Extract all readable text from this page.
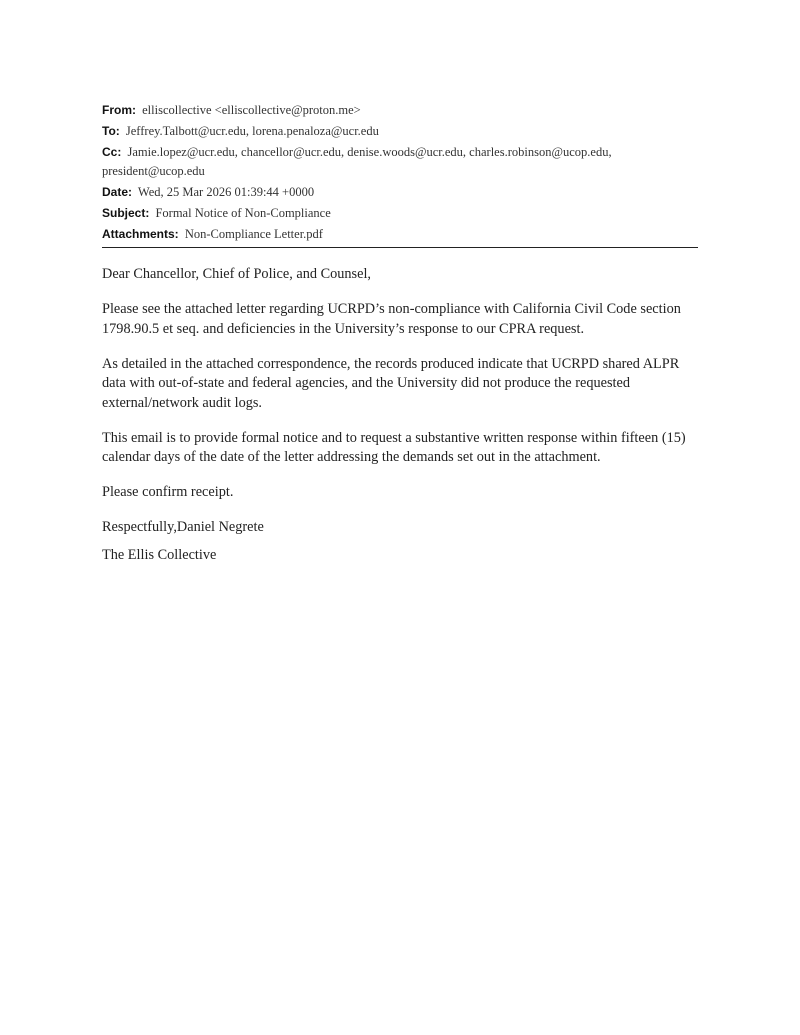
From: elliscollective <elliscollective@proton.me>
To: Jeffrey.Talbott@ucr.edu, lorena.penaloza@ucr.edu
Cc: Jamie.lopez@ucr.edu, chancellor@ucr.edu, denise.woods@ucr.edu, charles.robinson@ucop.edu, president@ucop.edu
Date: Wed, 25 Mar 2026 01:39:44 +0000
Subject: Formal Notice of Non-Compliance
Attachments: Non-Compliance Letter.pdf

Dear Chancellor, Chief of Police, and Counsel,

Please see the attached letter regarding UCRPD’s non-compliance with California Civil Code section 1798.90.5 et seq. and deficiencies in the University’s response to our CPRA request.

As detailed in the attached correspondence, the records produced indicate that UCRPD shared ALPR data with out-of-state and federal agencies, and the University did not produce the requested external/network audit logs.

This email is to provide formal notice and to request a substantive written response within fifteen (15) calendar days of the date of the letter addressing the demands set out in the attachment.

Please confirm receipt.

Respectfully,Daniel Negrete

The Ellis Collective
